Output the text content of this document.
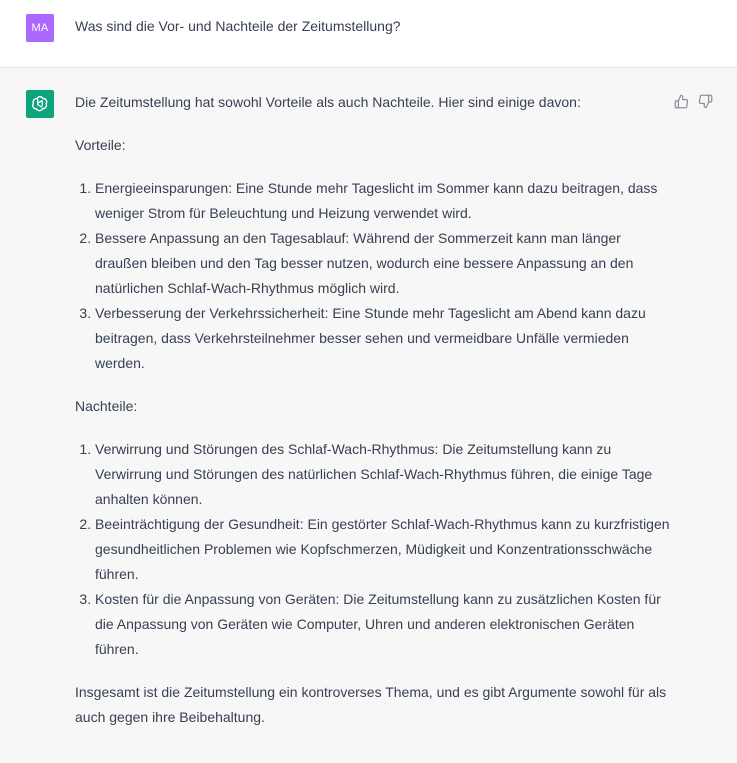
MA	Was sind die Vor- und Nachteile der Zeitumstellung?

Die Zeitumstellung hat sowohl Vorteile als auch Nachteile. Hier sind einige davon:

Vorteile:

1. Energieeinsparungen: Eine Stunde mehr Tageslicht im Sommer kann dazu beitragen, dass weniger Strom für Beleuchtung und Heizung verwendet wird.
2. Bessere Anpassung an den Tagesablauf: Während der Sommerzeit kann man länger draußen bleiben und den Tag besser nutzen, wodurch eine bessere Anpassung an den natürlichen Schlaf-Wach-Rhythmus möglich wird.
3. Verbesserung der Verkehrssicherheit: Eine Stunde mehr Tageslicht am Abend kann dazu beitragen, dass Verkehrsteilnehmer besser sehen und vermeidbare Unfälle vermieden werden.

Nachteile:

1. Verwirrung und Störungen des Schlaf-Wach-Rhythmus: Die Zeitumstellung kann zu Verwirrung und Störungen des natürlichen Schlaf-Wach-Rhythmus führen, die einige Tage anhalten können.
2. Beeinträchtigung der Gesundheit: Ein gestörter Schlaf-Wach-Rhythmus kann zu kurzfristigen gesundheitlichen Problemen wie Kopfschmerzen, Müdigkeit und Konzentrationsschwäche führen.
3. Kosten für die Anpassung von Geräten: Die Zeitumstellung kann zu zusätzlichen Kosten für die Anpassung von Geräten wie Computer, Uhren und anderen elektronischen Geräten führen.

Insgesamt ist die Zeitumstellung ein kontroverses Thema, und es gibt Argumente sowohl für als auch gegen ihre Beibehaltung.
